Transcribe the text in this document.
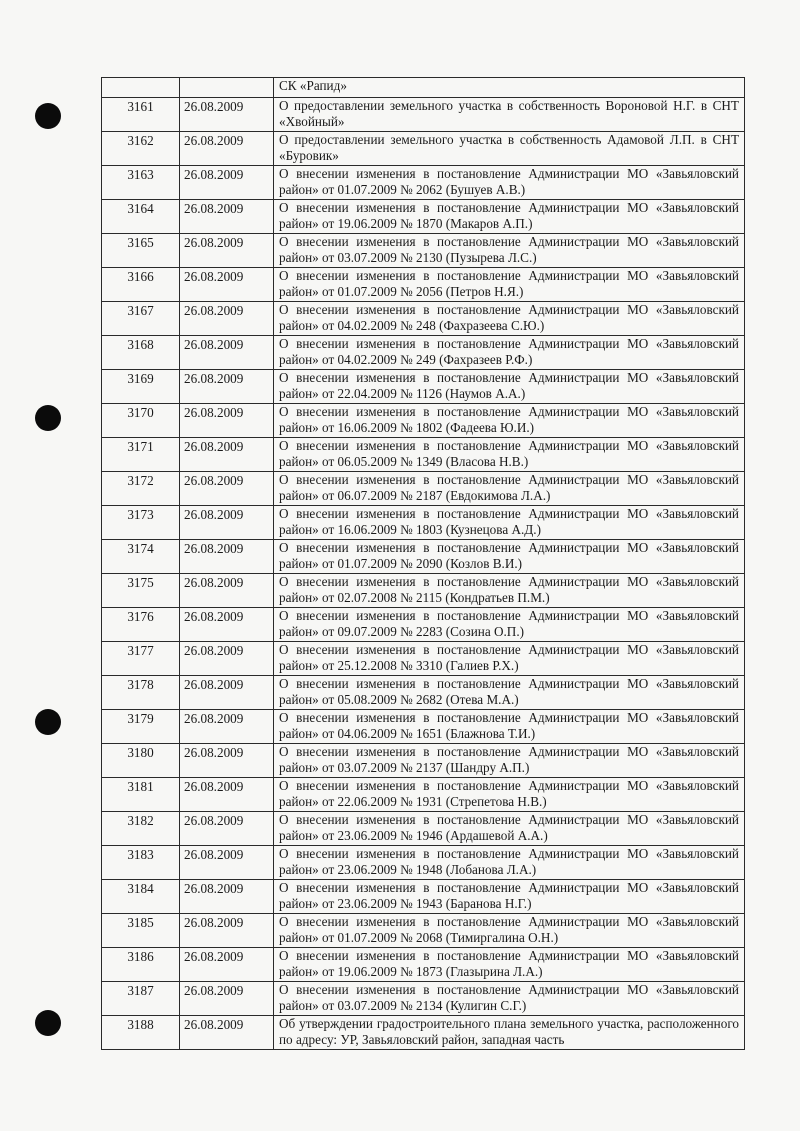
		СК «Рапид»
3161	26.08.2009	О предоставлении земельного участка в собственность Вороновой Н.Г. в СНТ «Хвойный»
3162	26.08.2009	О предоставлении земельного участка в собственность Адамовой Л.П. в СНТ «Буровик»
3163	26.08.2009	О внесении изменения в постановление Администрации МО «Завьяловский район» от 01.07.2009 № 2062 (Бушуев А.В.)
3164	26.08.2009	О внесении изменения в постановление Администрации МО «Завьяловский район» от 19.06.2009 № 1870 (Макаров А.П.)
3165	26.08.2009	О внесении изменения в постановление Администрации МО «Завьяловский район» от 03.07.2009 № 2130 (Пузырева Л.С.)
3166	26.08.2009	О внесении изменения в постановление Администрации МО «Завьяловский район» от 01.07.2009 № 2056 (Петров Н.Я.)
3167	26.08.2009	О внесении изменения в постановление Администрации МО «Завьяловский район» от 04.02.2009 № 248 (Фахразеева С.Ю.)
3168	26.08.2009	О внесении изменения в постановление Администрации МО «Завьяловский район» от 04.02.2009 № 249 (Фахразеев Р.Ф.)
3169	26.08.2009	О внесении изменения в постановление Администрации МО «Завьяловский район» от 22.04.2009 № 1126 (Наумов А.А.)
3170	26.08.2009	О внесении изменения в постановление Администрации МО «Завьяловский район» от 16.06.2009 № 1802 (Фадеева Ю.И.)
3171	26.08.2009	О внесении изменения в постановление Администрации МО «Завьяловский район» от 06.05.2009 № 1349 (Власова Н.В.)
3172	26.08.2009	О внесении изменения в постановление Администрации МО «Завьяловский район» от 06.07.2009 № 2187 (Евдокимова Л.А.)
3173	26.08.2009	О внесении изменения в постановление Администрации МО «Завьяловский район» от 16.06.2009 № 1803 (Кузнецова А.Д.)
3174	26.08.2009	О внесении изменения в постановление Администрации МО «Завьяловский район» от 01.07.2009 № 2090 (Козлов В.И.)
3175	26.08.2009	О внесении изменения в постановление Администрации МО «Завьяловский район» от 02.07.2008 № 2115 (Кондратьев П.М.)
3176	26.08.2009	О внесении изменения в постановление Администрации МО «Завьяловский район» от 09.07.2009 № 2283 (Созина О.П.)
3177	26.08.2009	О внесении изменения в постановление Администрации МО «Завьяловский район» от 25.12.2008 № 3310 (Галиев Р.Х.)
3178	26.08.2009	О внесении изменения в постановление Администрации МО «Завьяловский район» от 05.08.2009 № 2682 (Отева М.А.)
3179	26.08.2009	О внесении изменения в постановление Администрации МО «Завьяловский район» от 04.06.2009 № 1651 (Блажнова Т.И.)
3180	26.08.2009	О внесении изменения в постановление Администрации МО «Завьяловский район» от 03.07.2009 № 2137 (Шандру А.П.)
3181	26.08.2009	О внесении изменения в постановление Администрации МО «Завьяловский район» от 22.06.2009 № 1931 (Стрепетова Н.В.)
3182	26.08.2009	О внесении изменения в постановление Администрации МО «Завьяловский район» от 23.06.2009 № 1946 (Ардашевой А.А.)
3183	26.08.2009	О внесении изменения в постановление Администрации МО «Завьяловский район» от 23.06.2009 № 1948 (Лобанова Л.А.)
3184	26.08.2009	О внесении изменения в постановление Администрации МО «Завьяловский район» от 23.06.2009 № 1943 (Баранова Н.Г.)
3185	26.08.2009	О внесении изменения в постановление Администрации МО «Завьяловский район» от 01.07.2009 № 2068 (Тимиргалина О.Н.)
3186	26.08.2009	О внесении изменения в постановление Администрации МО «Завьяловский район» от 19.06.2009 № 1873 (Глазырина Л.А.)
3187	26.08.2009	О внесении изменения в постановление Администрации МО «Завьяловский район» от 03.07.2009 № 2134 (Кулигин С.Г.)
3188	26.08.2009	Об утверждении градостроительного плана земельного участка, расположенного по адресу: УР, Завьяловский район, западная часть
